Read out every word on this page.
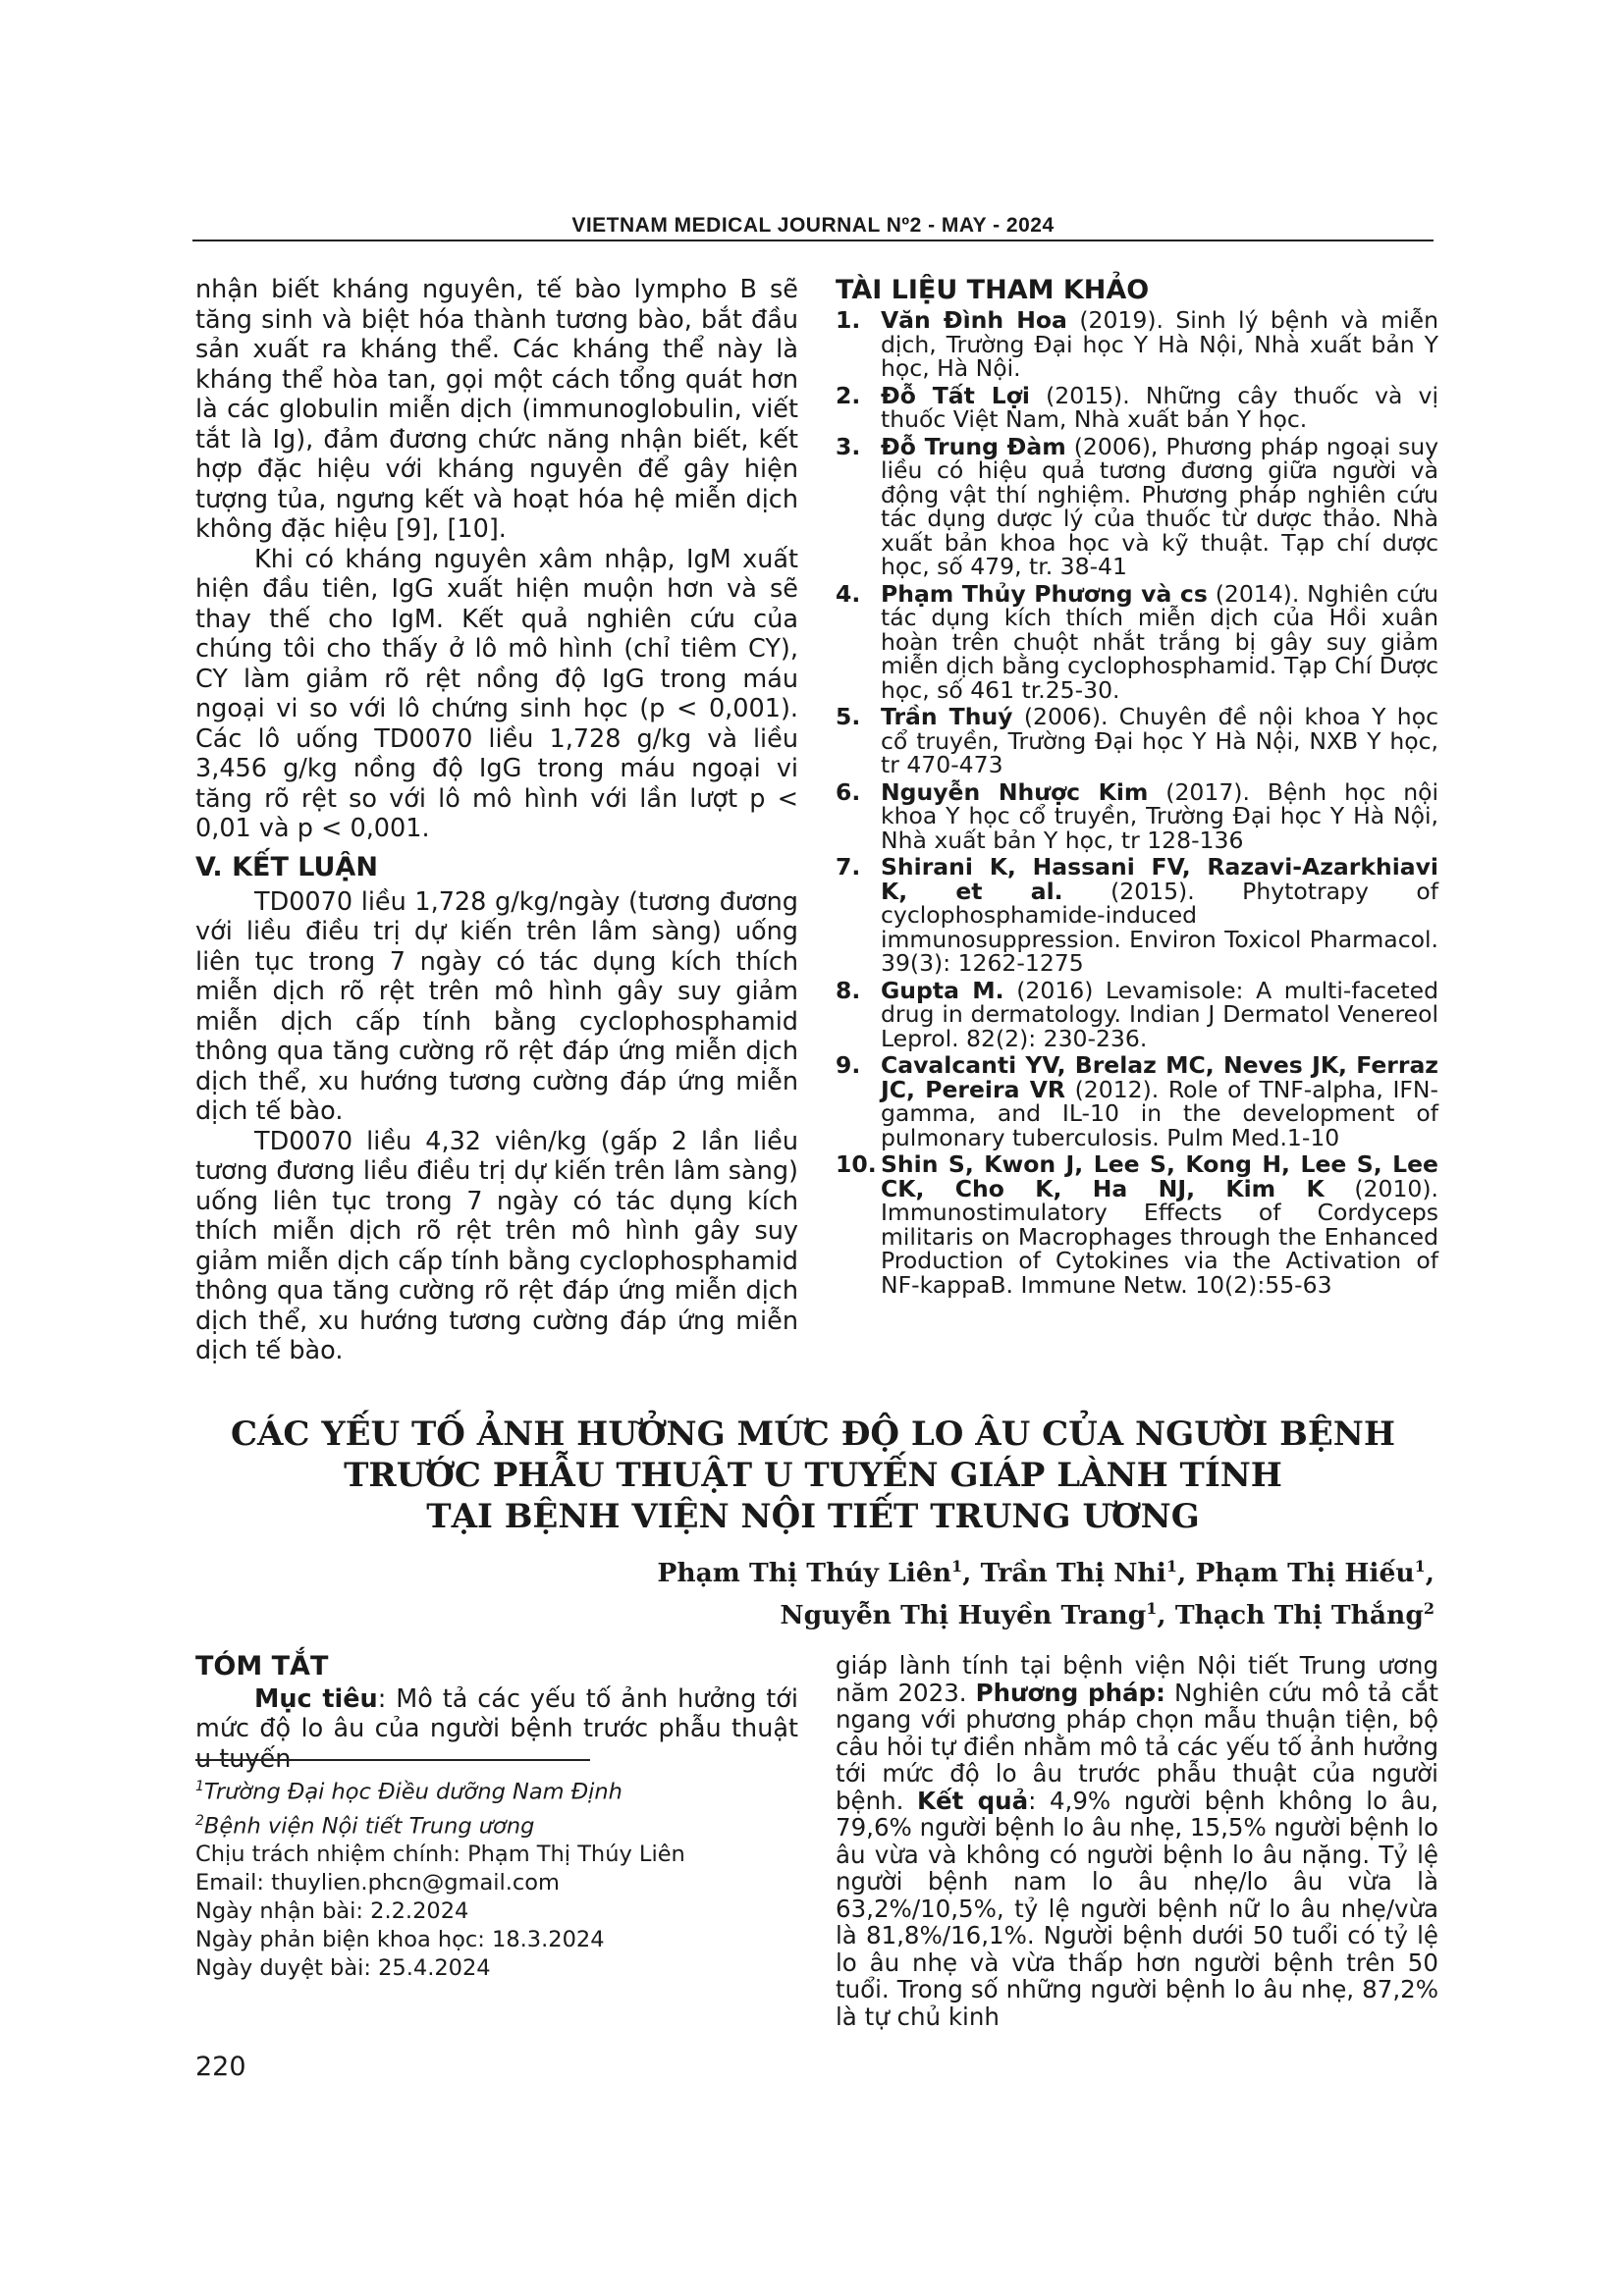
VIETNAM MEDICAL JOURNAL Nº2 - MAY - 2024

nhận biết kháng nguyên, tế bào lympho B sẽ tăng sinh và biệt hóa thành tương bào, bắt đầu sản xuất ra kháng thể. Các kháng thể này là kháng thể hòa tan, gọi một cách tổng quát hơn là các globulin miễn dịch (immunoglobulin, viết tắt là Ig), đảm đương chức năng nhận biết, kết hợp đặc hiệu với kháng nguyên để gây hiện tượng tủa, ngưng kết và hoạt hóa hệ miễn dịch không đặc hiệu [9], [10].

Khi có kháng nguyên xâm nhập, IgM xuất hiện đầu tiên, IgG xuất hiện muộn hơn và sẽ thay thế cho IgM. Kết quả nghiên cứu của chúng tôi cho thấy ở lô mô hình (chỉ tiêm CY), CY làm giảm rõ rệt nồng độ IgG trong máu ngoại vi so với lô chứng sinh học (p < 0,001). Các lô uống TD0070 liều 1,728 g/kg và liều 3,456 g/kg nồng độ IgG trong máu ngoại vi tăng rõ rệt so với lô mô hình với lần lượt p < 0,01 và p < 0,001.

V. KẾT LUẬN

TD0070 liều 1,728 g/kg/ngày (tương đương với liều điều trị dự kiến trên lâm sàng) uống liên tục trong 7 ngày có tác dụng kích thích miễn dịch rõ rệt trên mô hình gây suy giảm miễn dịch cấp tính bằng cyclophosphamid thông qua tăng cường rõ rệt đáp ứng miễn dịch dịch thể, xu hướng tương cường đáp ứng miễn dịch tế bào.

TD0070 liều 4,32 viên/kg (gấp 2 lần liều tương đương liều điều trị dự kiến trên lâm sàng) uống liên tục trong 7 ngày có tác dụng kích thích miễn dịch rõ rệt trên mô hình gây suy giảm miễn dịch cấp tính bằng cyclophosphamid thông qua tăng cường rõ rệt đáp ứng miễn dịch dịch thể, xu hướng tương cường đáp ứng miễn dịch tế bào.

TÀI LIỆU THAM KHẢO
1. Văn Đình Hoa (2019). Sinh lý bệnh và miễn dịch, Trường Đại học Y Hà Nội, Nhà xuất bản Y học, Hà Nội.
2. Đỗ Tất Lợi (2015). Những cây thuốc và vị thuốc Việt Nam, Nhà xuất bản Y học.
3. Đỗ Trung Đàm (2006), Phương pháp ngoại suy liều có hiệu quả tương đương giữa người và động vật thí nghiệm. Phương pháp nghiên cứu tác dụng dược lý của thuốc từ dược thảo. Nhà xuất bản khoa học và kỹ thuật. Tạp chí dược học, số 479, tr. 38-41
4. Phạm Thủy Phương và cs (2014). Nghiên cứu tác dụng kích thích miễn dịch của Hồi xuân hoàn trên chuột nhắt trắng bị gây suy giảm miễn dịch bằng cyclophosphamid. Tạp Chí Dược học, số 461 tr.25-30.
5. Trần Thuý (2006). Chuyên đề nội khoa Y học cổ truyền, Trường Đại học Y Hà Nội, NXB Y học, tr 470-473
6. Nguyễn Nhược Kim (2017). Bệnh học nội khoa Y học cổ truyền, Trường Đại học Y Hà Nội, Nhà xuất bản Y học, tr 128-136
7. Shirani K, Hassani FV, Razavi-Azarkhiavi K, et al. (2015). Phytotrapy of cyclophosphamide-induced immunosuppression. Environ Toxicol Pharmacol. 39(3): 1262-1275
8. Gupta M. (2016) Levamisole: A multi-faceted drug in dermatology. Indian J Dermatol Venereol Leprol. 82(2): 230-236.
9. Cavalcanti YV, Brelaz MC, Neves JK, Ferraz JC, Pereira VR (2012). Role of TNF-alpha, IFN-gamma, and IL-10 in the development of pulmonary tuberculosis. Pulm Med.1-10
10. Shin S, Kwon J, Lee S, Kong H, Lee S, Lee CK, Cho K, Ha NJ, Kim K (2010). Immunostimulatory Effects of Cordyceps militaris on Macrophages through the Enhanced Production of Cytokines via the Activation of NF-kappaB. Immune Netw. 10(2):55-63
CÁC YẾU TỐ ẢNH HƯỞNG MỨC ĐỘ LO ÂU CỦA NGƯỜI BỆNH
TRƯỚC PHẪU THUẬT U TUYẾN GIÁP LÀNH TÍNH
TẠI BỆNH VIỆN NỘI TIẾT TRUNG ƯƠNG
Phạm Thị Thúy Liên$^1$, Trần Thị Nhi$^1$, Phạm Thị Hiếu$^1$,
Nguyễn Thị Huyền Trang$^1$, Thạch Thị Thắng$^2$
TÓM TẮT

Mục tiêu: Mô tả các yếu tố ảnh hưởng tới mức độ lo âu của người bệnh trước phẫu thuật u tuyến

giáp lành tính tại bệnh viện Nội tiết Trung ương năm 2023. Phương pháp: Nghiên cứu mô tả cắt ngang với phương pháp chọn mẫu thuận tiện, bộ câu hỏi tự điền nhằm mô tả các yếu tố ảnh hưởng tới mức độ lo âu trước phẫu thuật của người bệnh. Kết quả: 4,9% người bệnh không lo âu, 79,6% người bệnh lo âu nhẹ, 15,5% người bệnh lo âu vừa và không có người bệnh lo âu nặng. Tỷ lệ người bệnh nam lo âu nhẹ/lo âu vừa là 63,2%/10,5%, tỷ lệ người bệnh nữ lo âu nhẹ/vừa là 81,8%/16,1%. Người bệnh dưới 50 tuổi có tỷ lệ lo âu nhẹ và vừa thấp hơn người bệnh trên 50 tuổi. Trong số những người bệnh lo âu nhẹ, 87,2% là tự chủ kinh

$^1$Trường Đại học Điều dưỡng Nam Định

$^2$Bệnh viện Nội tiết Trung ương

Chịu trách nhiệm chính: Phạm Thị Thúy Liên

Email: thuylien.phcn@gmail.com

Ngày nhận bài: 2.2.2024

Ngày phản biện khoa học: 18.3.2024

Ngày duyệt bài: 25.4.2024

220
